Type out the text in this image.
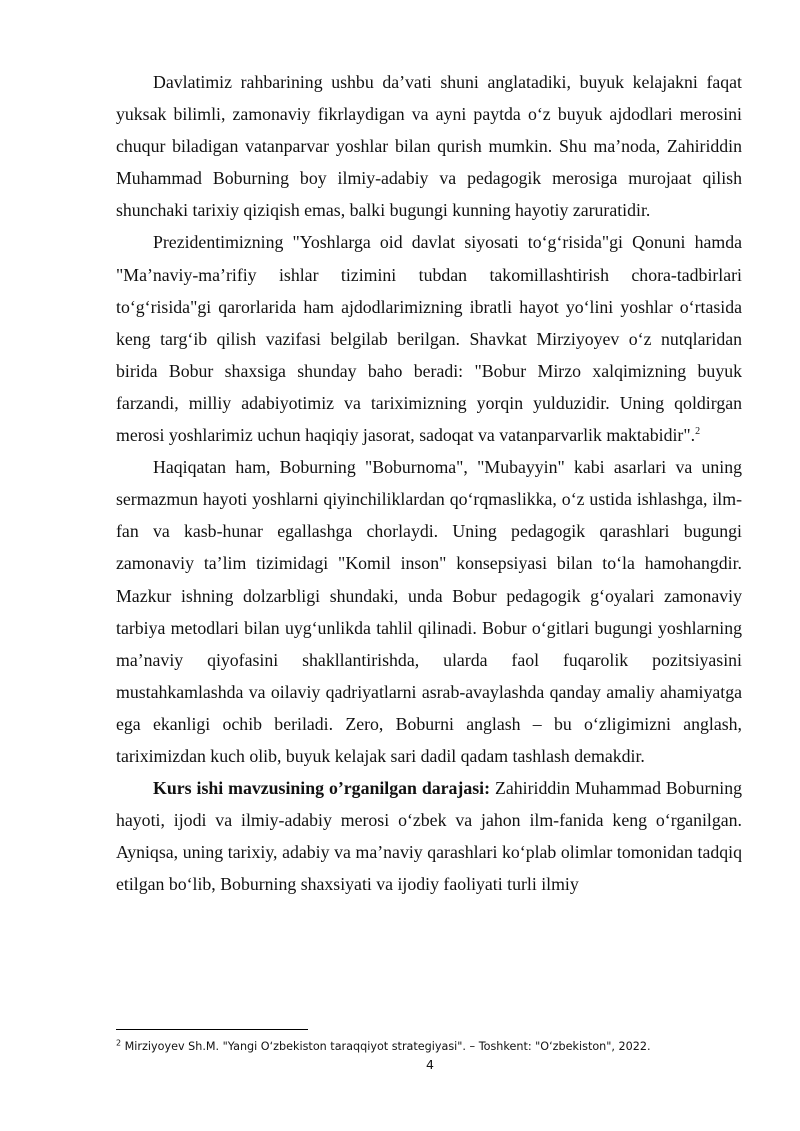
Davlatimiz rahbarining ushbu da’vati shuni anglatadiki, buyuk kelajakni faqat yuksak bilimli, zamonaviy fikrlaydigan va ayni paytda o‘z buyuk ajdodlari merosini chuqur biladigan vatanparvar yoshlar bilan qurish mumkin. Shu ma’noda, Zahiriddin Muhammad Boburning boy ilmiy-adabiy va pedagogik merosiga murojaat qilish shunchaki tarixiy qiziqish emas, balki bugungi kunning hayotiy zaruratidir.

Prezidentimizning "Yoshlarga oid davlat siyosati to‘g‘risida"gi Qonuni hamda "Ma’naviy-ma’rifiy ishlar tizimini tubdan takomillashtirish chora-tadbirlari to‘g‘risida"gi qarorlarida ham ajdodlarimizning ibratli hayot yo‘lini yoshlar o‘rtasida keng targ‘ib qilish vazifasi belgilab berilgan. Shavkat Mirziyoyev o‘z nutqlaridan birida Bobur shaxsiga shunday baho beradi: "Bobur Mirzo xalqimizning buyuk farzandi, milliy adabiyotimiz va tariximizning yorqin yulduzidir. Uning qoldirgan merosi yoshlarimiz uchun haqiqiy jasorat, sadoqat va vatanparvarlik maktabidir".$^2$

Haqiqatan ham, Boburning "Boburnoma", "Mubayyin" kabi asarlari va uning sermazmun hayoti yoshlarni qiyinchiliklardan qo‘rqmaslikka, o‘z ustida ishlashga, ilm-fan va kasb-hunar egallashga chorlaydi. Uning pedagogik qarashlari bugungi zamonaviy ta’lim tizimidagi "Komil inson" konsepsiyasi bilan to‘la hamohangdir. Mazkur ishning dolzarbligi shundaki, unda Bobur pedagogik g‘oyalari zamonaviy tarbiya metodlari bilan uyg‘unlikda tahlil qilinadi. Bobur o‘gitlari bugungi yoshlarning ma’naviy qiyofasini shakllantirishda, ularda faol fuqarolik pozitsiyasini mustahkamlashda va oilaviy qadriyatlarni asrab-avaylashda qanday amaliy ahamiyatga ega ekanligi ochib beriladi. Zero, Boburni anglash – bu o‘zligimizni anglash, tariximizdan kuch olib, buyuk kelajak sari dadil qadam tashlash demakdir.

Kurs ishi mavzusining o’rganilgan darajasi: Zahiriddin Muhammad Boburning hayoti, ijodi va ilmiy-adabiy merosi o‘zbek va jahon ilm-fanida keng o‘rganilgan. Ayniqsa, uning tarixiy, adabiy va ma’naviy qarashlari ko‘plab olimlar tomonidan tadqiq etilgan bo‘lib, Boburning shaxsiyati va ijodiy faoliyati turli ilmiy

$^2$ Mirziyoyev Sh.M. "Yangi O‘zbekiston taraqqiyot strategiyasi". – Toshkent: "O‘zbekiston", 2022.
4
